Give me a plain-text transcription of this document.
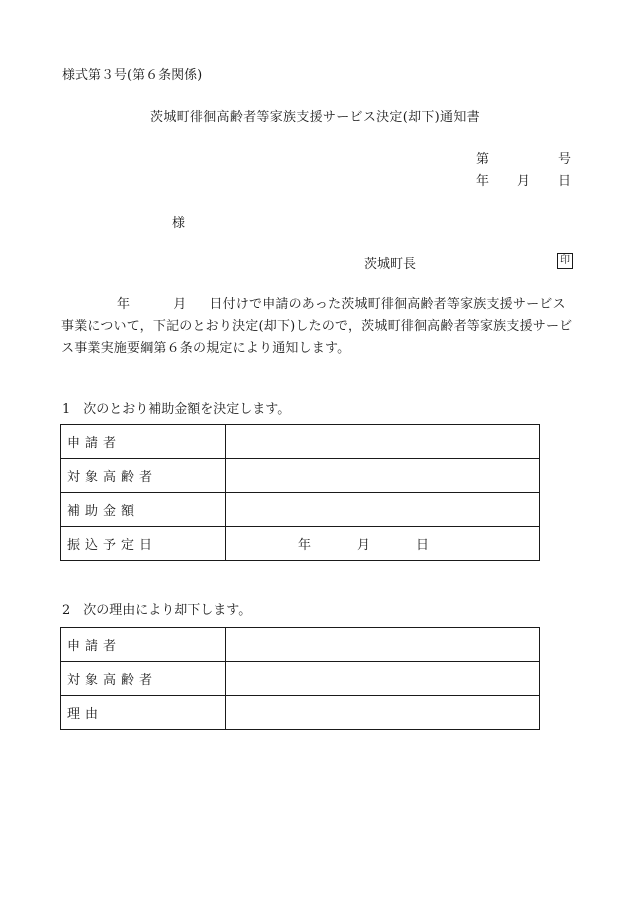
様式第３号(第６条関係)
茨城町徘徊高齢者等家族支援サービス決定(却下)通知書
第	号
年 月 日
様
茨城町長	印
年	月 日付けで申請のあった茨城町徘徊高齢者等家族支援サービス事業について，下記のとおり決定(却下)したので，茨城町徘徊高齢者等家族支援サービス事業実施要綱第６条の規定により通知します。
1　次のとおり補助金額を決定します。
申請者	
対象高齢者	
補助金額	
振込予定日	年 月 日
2　次の理由により却下します。
申請者	
対象高齢者	
理由	
